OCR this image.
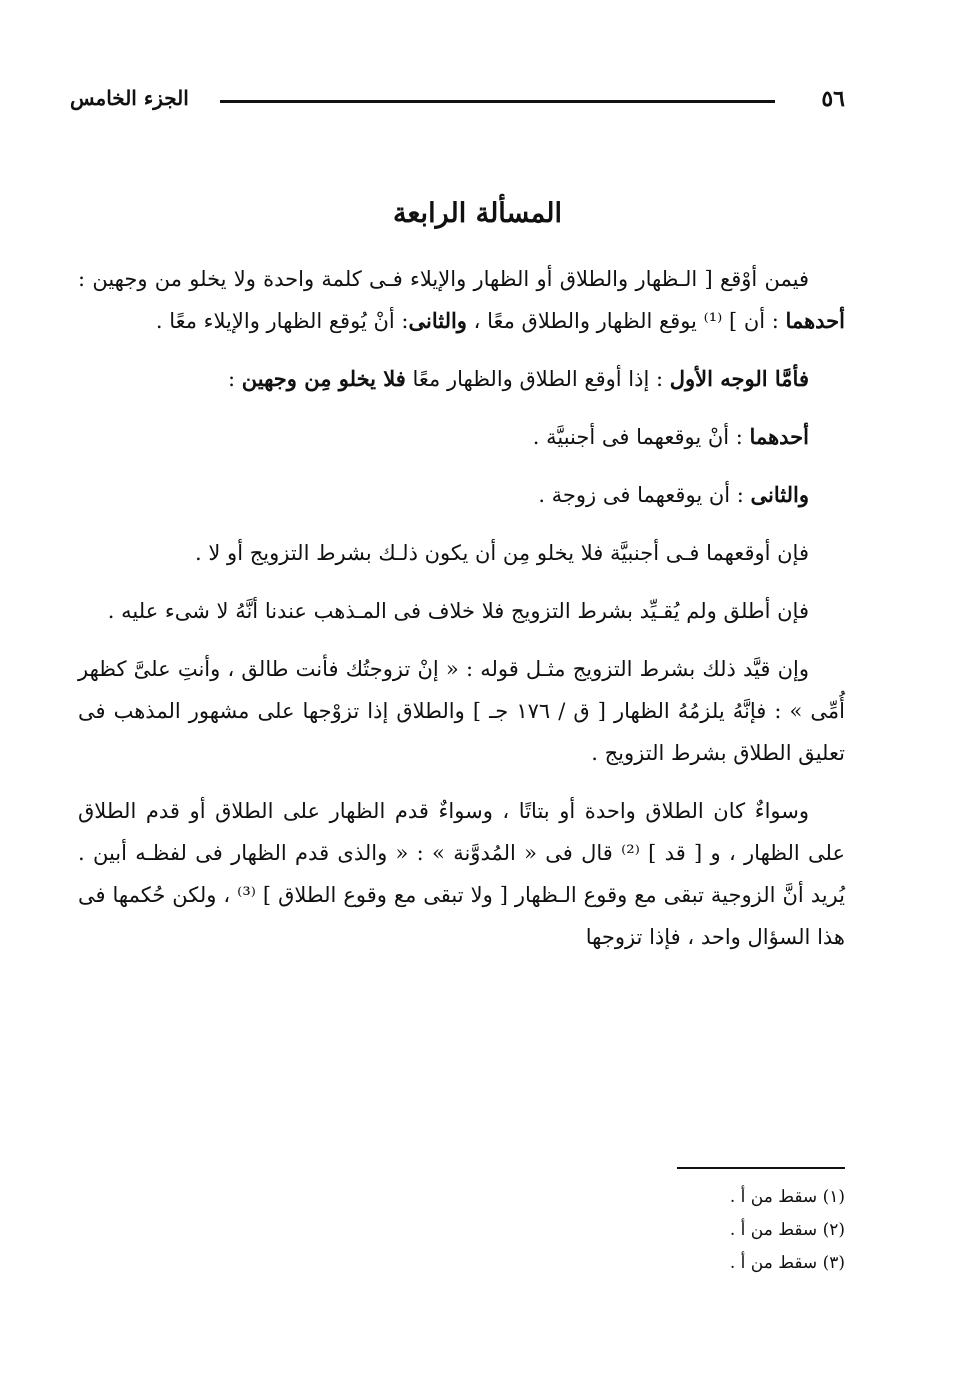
٥٦
الجزء الخامس
المسألة الرابعة

فيمن أوْقع [ الـظهار والطلاق أو الظهار والإيلاء فـى كلمة واحدة ولا يخلو من وجهين : أحدهما : أن ] ⁽¹⁾ يوقع الظهار والطلاق معًا ، والثانى: أنْ يُوقع الظهار والإيلاء معًا .

فأمَّا الوجه الأول : إذا أوقع الطلاق والظهار معًا فلا يخلو مِن وجهين :

أحدهما : أنْ يوقعهما فى أجنبيَّة .

والثانى : أن يوقعهما فى زوجة .

فإن أوقعهما فـى أجنبيَّة فلا يخلو مِن أن يكون ذلـك بشرط التزويج أو لا .

فإن أطلق ولم يُقـيِّد بشرط التزويج فلا خلاف فى المـذهب عندنا أنَّهُ لا شىء عليه .

وإن قيَّد ذلك بشرط التزويج مثـل قوله : « إنْ تزوجتُك فأنت طالق ، وأنتِ علىَّ كظهر أُمِّى » : فإنَّهُ يلزمُهُ الظهار [ ق / ١٧٦ جـ ] والطلاق إذا تزوْجها على مشهور المذهب فى تعليق الطلاق بشرط التزويج .

وسواءٌ كان الطلاق واحدة أو بتاتًا ، وسواءٌ قدم الظهار على الطلاق أو قدم الطلاق على الظهار ، و [ قد ] ⁽²⁾ قال فى « المُدوَّنة » : « والذى قدم الظهار فى لفظـه أبين . يُريد أنَّ الزوجية تبقى مع وقوع الـظهار [ ولا تبقى مع وقوع الطلاق ] ⁽³⁾ ، ولكن حُكمها فى هذا السؤال واحد ، فإذا تزوجها

(١) سقط من أ .
(٢) سقط من أ .
(٣) سقط من أ .
